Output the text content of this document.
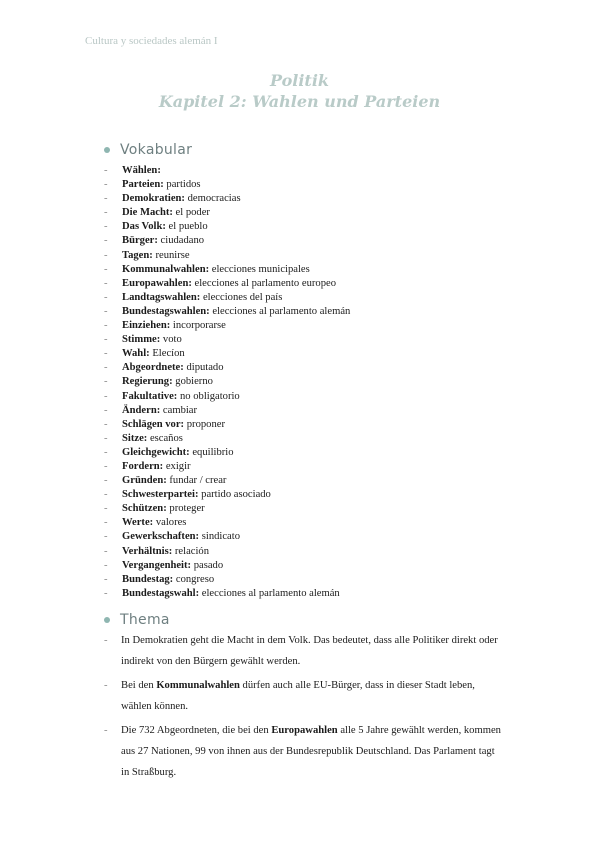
Cultura y sociedades alemán I
Politik
Kapitel 2: Wahlen und Parteien
Vokabular
-	Wählen:

-	Parteien:
partidos
-	Demokratien:
democracias
-	Die Macht:
el poder
-	Das Volk:
el pueblo
-	Bürger:
ciudadano
-	Tagen:
reunirse
-	Kommunalwahlen:
elecciones municipales
-	Europawahlen:
elecciones al parlamento europeo
-	Landtagswahlen:
elecciones del país
-	Bundestagswahlen:
elecciones al parlamento alemán
-	Einziehen:
incorporarse
-	Stimme:
voto
-	Wahl:
Elecíon
-	Abgeordnete:
diputado
-	Regierung:
gobierno
-	Fakultative:
no obligatorio
-	Ändern:
cambiar
-	Schlägen vor:
proponer
-	Sitze:
escaños
-	Gleichgewicht:
equilibrio
-	Fordern:
exigir
-	Gründen:
fundar / crear
-	Schwesterpartei:
partido asociado
-	Schützen:
proteger
-	Werte:
valores
-	Gewerkschaften:
sindicato
-	Verhältnis:
relación
-	Vergangenheit:
pasado
-	Bundestag:
congreso
-	Bundestagswahl:
elecciones al parlamento alemán
Thema
-	In Demokratien geht die Macht in dem Volk. Das bedeutet, dass alle Politiker direkt oder indirekt von den Bürgern gewählt werden.
-	Bei den Kommunalwahlen dürfen auch alle EU-Bürger, dass in dieser Stadt leben, wählen können.
-	Die 732 Abgeordneten, die bei den Europawahlen alle 5 Jahre gewählt werden, kommen aus 27 Nationen, 99 von ihnen aus der Bundesrepublik Deutschland. Das Parlament tagt in Straßburg.
